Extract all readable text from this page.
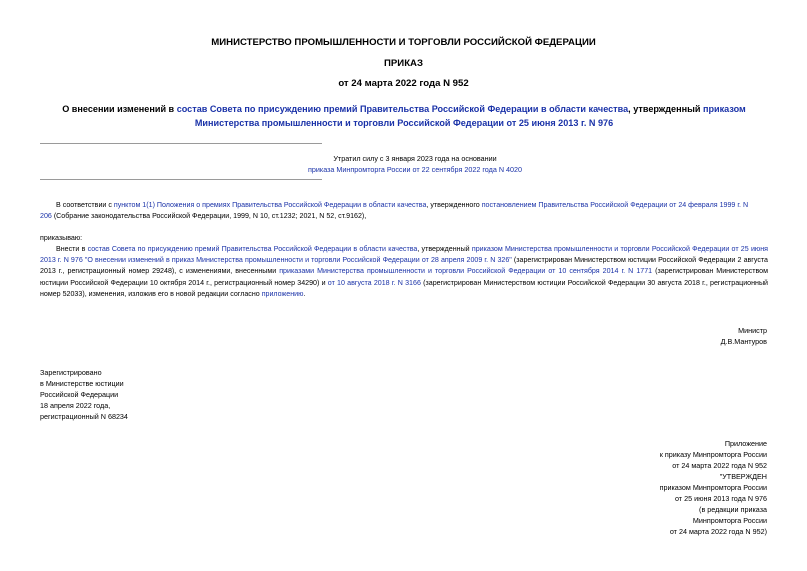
МИНИСТЕРСТВО ПРОМЫШЛЕННОСТИ И ТОРГОВЛИ РОССИЙСКОЙ ФЕДЕРАЦИИ
ПРИКАЗ
от 24 марта 2022 года N 952
О внесении изменений в состав Совета по присуждению премий Правительства Российской Федерации в области качества, утвержденный приказом
Министерства промышленности и торговли Российской Федерации от 25 июня 2013 г. N 976
Утратил силу с 3 января 2023 года на основании
приказа Минпромторга России от 22 сентября 2022 года N 4020
В соответствии с пунктом 1(1) Положения о премиях Правительства Российской Федерации в области качества, утвержденного постановлением Правительства Российской Федерации от 24 февраля 1999 г. N
206 (Собрание законодательства Российской Федерации, 1999, N 10, ст.1232; 2021, N 52, ст.9162),
приказываю:
Внести в состав Совета по присуждению премий Правительства Российской Федерации в области качества, утвержденный приказом Министерства промышленности и торговли Российской Федерации от 25 июня 2013 г. N 976 "О внесении изменений в приказ Министерства промышленности и торговли Российской Федерации от 28 апреля 2009 г. N 326" (зарегистрирован Министерством юстиции Российской Федерации 2 августа 2013 г., регистрационный номер 29248), с изменениями, внесенными приказами Министерства промышленности и торговли Российской Федерации от 10 сентября 2014 г. N 1771 (зарегистрирован Министерством юстиции Российской Федерации 10 октября 2014 г., регистрационный номер 34290) и от 10 августа 2018 г. N 3166 (зарегистрирован Министерством юстиции Российской Федерации 30 августа 2018 г., регистрационный номер 52033), изменения, изложив его в новой редакции согласно приложению.
Министр
Д.В.Мантуров
Зарегистрировано
в Министерстве юстиции
Российской Федерации
18 апреля 2022 года,
регистрационный N 68234
Приложение
к приказу Минпромторга России
от 24 марта 2022 года N 952
"УТВЕРЖДЕН
приказом Минпромторга России
от 25 июня 2013 года N 976
(в редакции приказа
Минпромторга России
от 24 марта 2022 года N 952)
